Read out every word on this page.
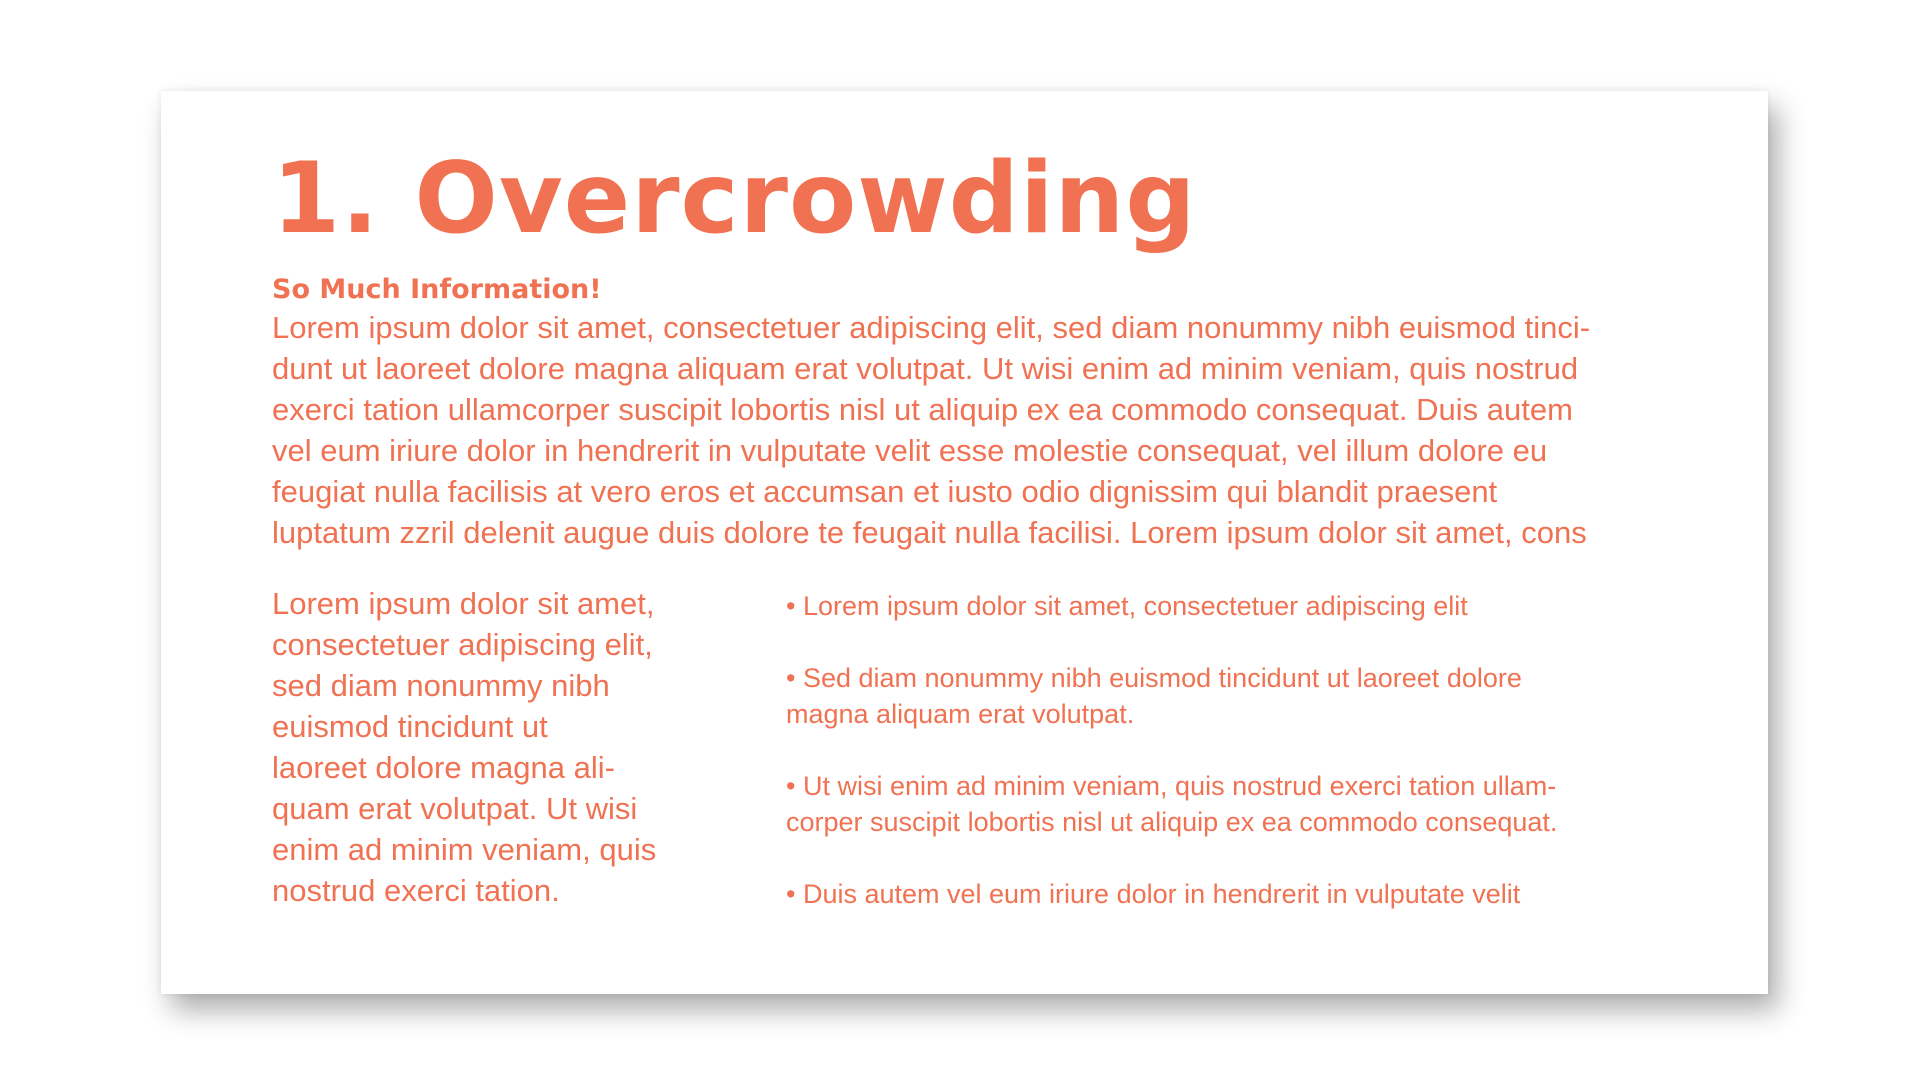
1. Overcrowding
So Much Information!

Lorem ipsum dolor sit amet, consectetuer adipiscing elit, sed diam nonummy nibh euismod tinci-
dunt ut laoreet dolore magna aliquam erat volutpat. Ut wisi enim ad minim veniam, quis nostrud
exerci tation ullamcorper suscipit lobortis nisl ut aliquip ex ea commodo consequat. Duis autem
vel eum iriure dolor in hendrerit in vulputate velit esse molestie consequat, vel illum dolore eu
feugiat nulla facilisis at vero eros et accumsan et iusto odio dignissim qui blandit praesent
luptatum zzril delenit augue duis dolore te feugait nulla facilisi. Lorem ipsum dolor sit amet, cons

Lorem ipsum dolor sit amet,
consectetuer adipiscing elit,
sed diam nonummy nibh
euismod tincidunt ut
laoreet dolore magna ali-
quam erat volutpat. Ut wisi
enim ad minim veniam, quis
nostrud exerci tation.
• Lorem ipsum dolor sit amet, consectetuer adipiscing elit
• Sed diam nonummy nibh euismod tincidunt ut laoreet dolore
magna aliquam erat volutpat.
• Ut wisi enim ad minim veniam, quis nostrud exerci tation ullam-
corper suscipit lobortis nisl ut aliquip ex ea commodo consequat.
• Duis autem vel eum iriure dolor in hendrerit in vulputate velit
